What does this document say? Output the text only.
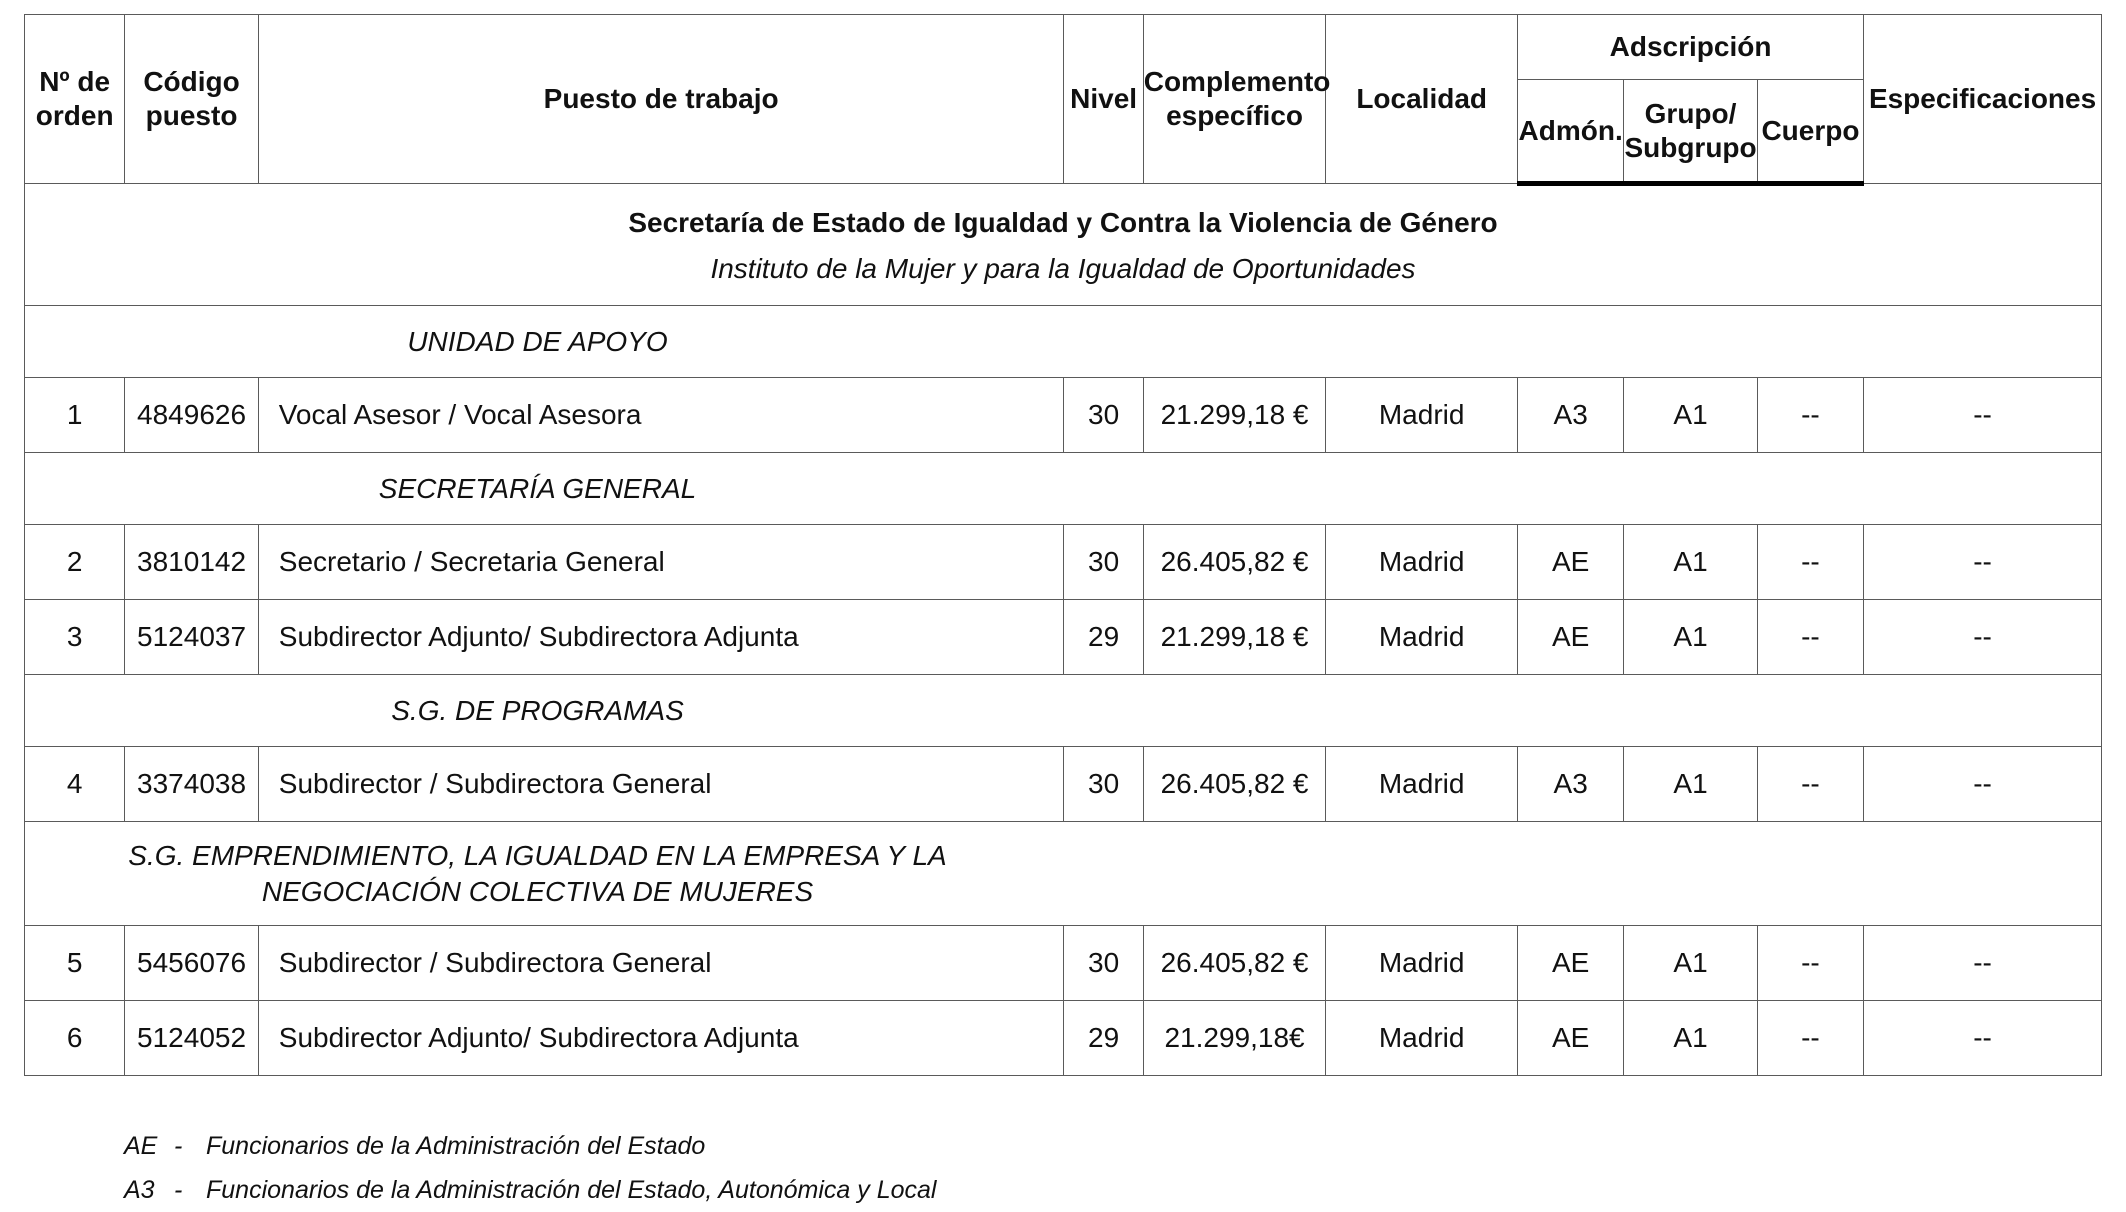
Nº de orden	Código puesto	Puesto de trabajo	Nivel	Complemento específico	Localidad	Adscripción			Especificaciones
						Admón.	Grupo/ Subgrupo	Cuerpo	

Secretaría de Estado de Igualdad y Contra la Violencia de Género
Instituto de la Mujer y para la Igualdad de Oportunidades									

UNIDAD DE APOYO									

1	4849626	Vocal Asesor / Vocal Asesora	30	21.299,18 €	Madrid	A3	A1	--	--

SECRETARÍA GENERAL									

2	3810142	Secretario / Secretaria General	30	26.405,82 €	Madrid	AE	A1	--	--
3	5124037	Subdirector Adjunto/ Subdirectora Adjunta	29	21.299,18 €	Madrid	AE	A1	--	--

S.G. DE PROGRAMAS									

4	3374038	Subdirector / Subdirectora General	30	26.405,82 €	Madrid	A3	A1	--	--

S.G. EMPRENDIMIENTO, LA IGUALDAD EN LA EMPRESA Y LA
NEGOCIACIÓN COLECTIVA DE MUJERES									

5	5456076	Subdirector / Subdirectora General	30	26.405,82 €	Madrid	AE	A1	--	--
6	5124052	Subdirector Adjunto/ Subdirectora Adjunta	29	21.299,18€	Madrid	AE	A1	--	--
AE - Funcionarios de la Administración del Estado
A3 - Funcionarios de la Administración del Estado, Autonómica y Local
